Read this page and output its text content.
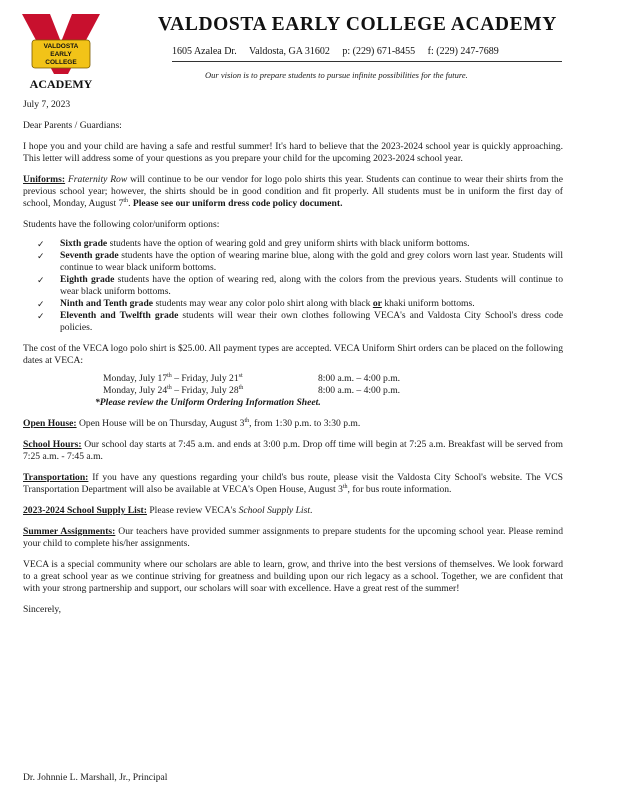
VALDOSTA
EARLY
COLLEGE
ACADEMY
VALDOSTA EARLY COLLEGE ACADEMY
1605 Azalea Dr. Valdosta, GA 31602 p: (229) 671-8455 f: (229) 247-7689
Our vision is to prepare students to pursue infinite possibilities for the future.

July 7, 2023

Dear Parents / Guardians:

I hope you and your child are having a safe and restful summer! It's hard to believe that the 2023-2024 school year is quickly approaching. This letter will address some of your questions as you prepare your child for the upcoming 2023-2024 school year.

Uniforms: Fraternity Row will continue to be our vendor for logo polo shirts this year. Students can continue to wear their shirts from the previous school year; however, the shirts should be in good condition and fit properly. All students must be in uniform the first day of school, Monday, August 7th. Please see our uniform dress code policy document.

Students have the following color/uniform options:

✓ Sixth grade students have the option of wearing gold and grey uniform shirts with black uniform bottoms.
✓ Seventh grade students have the option of wearing marine blue, along with the gold and grey colors worn last year. Students will continue to wear black uniform bottoms.
✓ Eighth grade students have the option of wearing red, along with the colors from the previous years. Students will continue to wear black uniform bottoms.
✓ Ninth and Tenth grade students may wear any color polo shirt along with black or khaki uniform bottoms.
✓ Eleventh and Twelfth grade students will wear their own clothes following VECA's and Valdosta City School's dress code policies.

The cost of the VECA logo polo shirt is $25.00. All payment types are accepted. VECA Uniform Shirt orders can be placed on the following dates at VECA:

Monday, July 17th – Friday, July 21st	8:00 a.m. – 4:00 p.m.
Monday, July 24th – Friday, July 28th	8:00 a.m. – 4:00 p.m.
*Please review the Uniform Ordering Information Sheet.

Open House: Open House will be on Thursday, August 3th, from 1:30 p.m. to 3:30 p.m.

School Hours: Our school day starts at 7:45 a.m. and ends at 3:00 p.m. Drop off time will begin at 7:25 a.m. Breakfast will be served from 7:25 a.m. - 7:45 a.m.

Transportation: If you have any questions regarding your child's bus route, please visit the Valdosta City School's website. The VCS Transportation Department will also be available at VECA's Open House, August 3th, for bus route information.

2023-2024 School Supply List: Please review VECA's School Supply List.

Summer Assignments: Our teachers have provided summer assignments to prepare students for the upcoming school year. Please remind your child to complete his/her assignments.

VECA is a special community where our scholars are able to learn, grow, and thrive into the best versions of themselves. We look forward to a great school year as we continue striving for greatness and building upon our rich legacy as a school. Together, we are confident that with your strong partnership and support, our scholars will soar with excellence. Have a great rest of the summer!

Sincerely,

Dr. Johnnie L. Marshall, Jr., Principal
